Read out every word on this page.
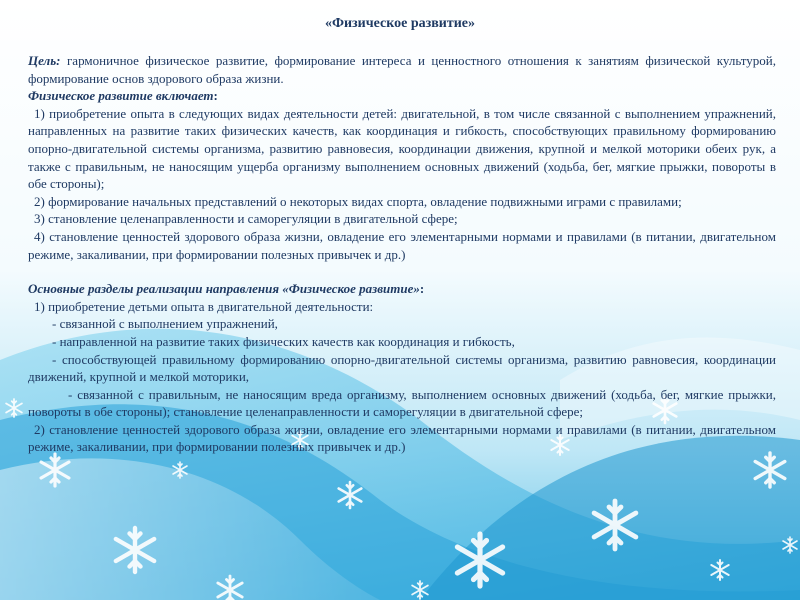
«Физическое развитие»

Цель: гармоничное физическое развитие, формирование интереса и ценностного отношения к занятиям физической культурой, формирование основ здорового образа жизни.

Физическое развитие включает:

1) приобретение опыта в следующих видах деятельности детей: двигательной, в том числе связанной с выполнением упражнений, направленных на развитие таких физических качеств, как координация и гибкость, способствующих правильному формированию опорно-двигательной системы организма, развитию равновесия, координации движения, крупной и мелкой моторики обеих рук, а также с правильным, не наносящим ущерба организму выполнением основных движений (ходьба, бег, мягкие прыжки, повороты в обе стороны);

2) формирование начальных представлений о некоторых видах спорта, овладение подвижными играми с правилами;

3) становление целенаправленности и саморегуляции в двигательной сфере;

4) становление ценностей здорового образа жизни, овладение его элементарными нормами и правилами (в питании, двигательном режиме, закаливании, при формировании полезных привычек и др.)

Основные разделы реализации направления «Физическое развитие»:

1) приобретение детьми опыта в двигательной деятельности:

- связанной с выполнением упражнений,

- направленной на развитие таких физических качеств как координация и гибкость,

- способствующей правильному формированию опорно-двигательной системы организма, развитию равновесия, координации движений, крупной и мелкой моторики,

- связанной с правильным, не наносящим вреда организму, выполнением основных движений (ходьба, бег, мягкие прыжки, повороты в обе стороны); становление целенаправленности и саморегуляции в двигательной сфере;

2) становление ценностей здорового образа жизни, овладение его элементарными нормами и правилами (в питании, двигательном режиме, закаливании, при формировании полезных привычек и др.)
